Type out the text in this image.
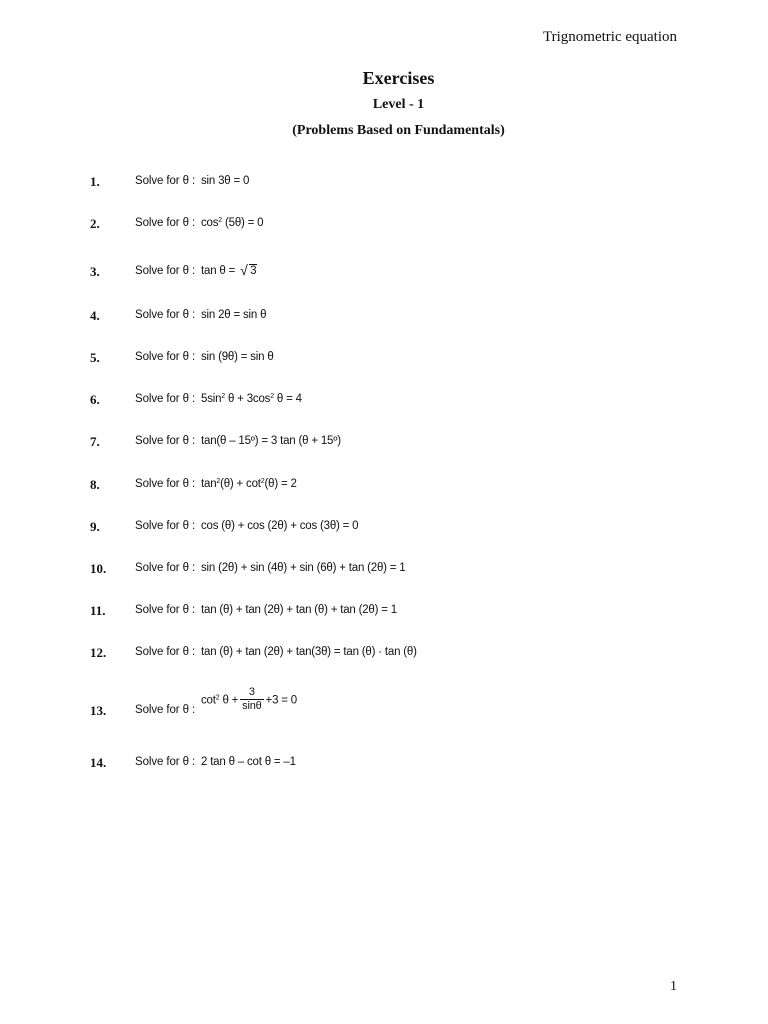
Trignometric equation
Exercises
Level - 1
(Problems Based on Fundamentals)
1.	Solve for θ : sin 3θ = 0
2.	Solve for θ : $\cos^2 (5\theta) = 0$
3.	Solve for θ : tan θ = √ 3
4.	Solve for θ : sin 2θ = sin θ
5.	Solve for θ : sin (9θ) = sin θ
6.	Solve for θ : $5\sin^2$ $\theta + 3\cos^2$ θ = 4
7.	Solve for θ : tan(θ – 15º) = 3 tan (θ + 15º)
8.	Solve for θ : $\tan^2(\theta) + \cot^2(\theta) = 2$
9.	Solve for θ : cos (θ) + cos (2θ) + cos (3θ) = 0
10.	Solve for θ : sin (2θ) + sin (4θ) + sin (6θ) + tan (2θ) = 1
11.	Solve for θ : tan (θ) + tan (2θ) + tan (θ) + tan (2θ) = 1
12.	Solve for θ : tan (θ) + tan (2θ) + tan(3θ) = tan (θ) · tan (θ)
13.	Solve for θ :
$\cot^2 \theta + \frac{3}{\sin\theta} +3 = 0$
14.	Solve for θ : 2 tan θ – cot θ = –1
1
